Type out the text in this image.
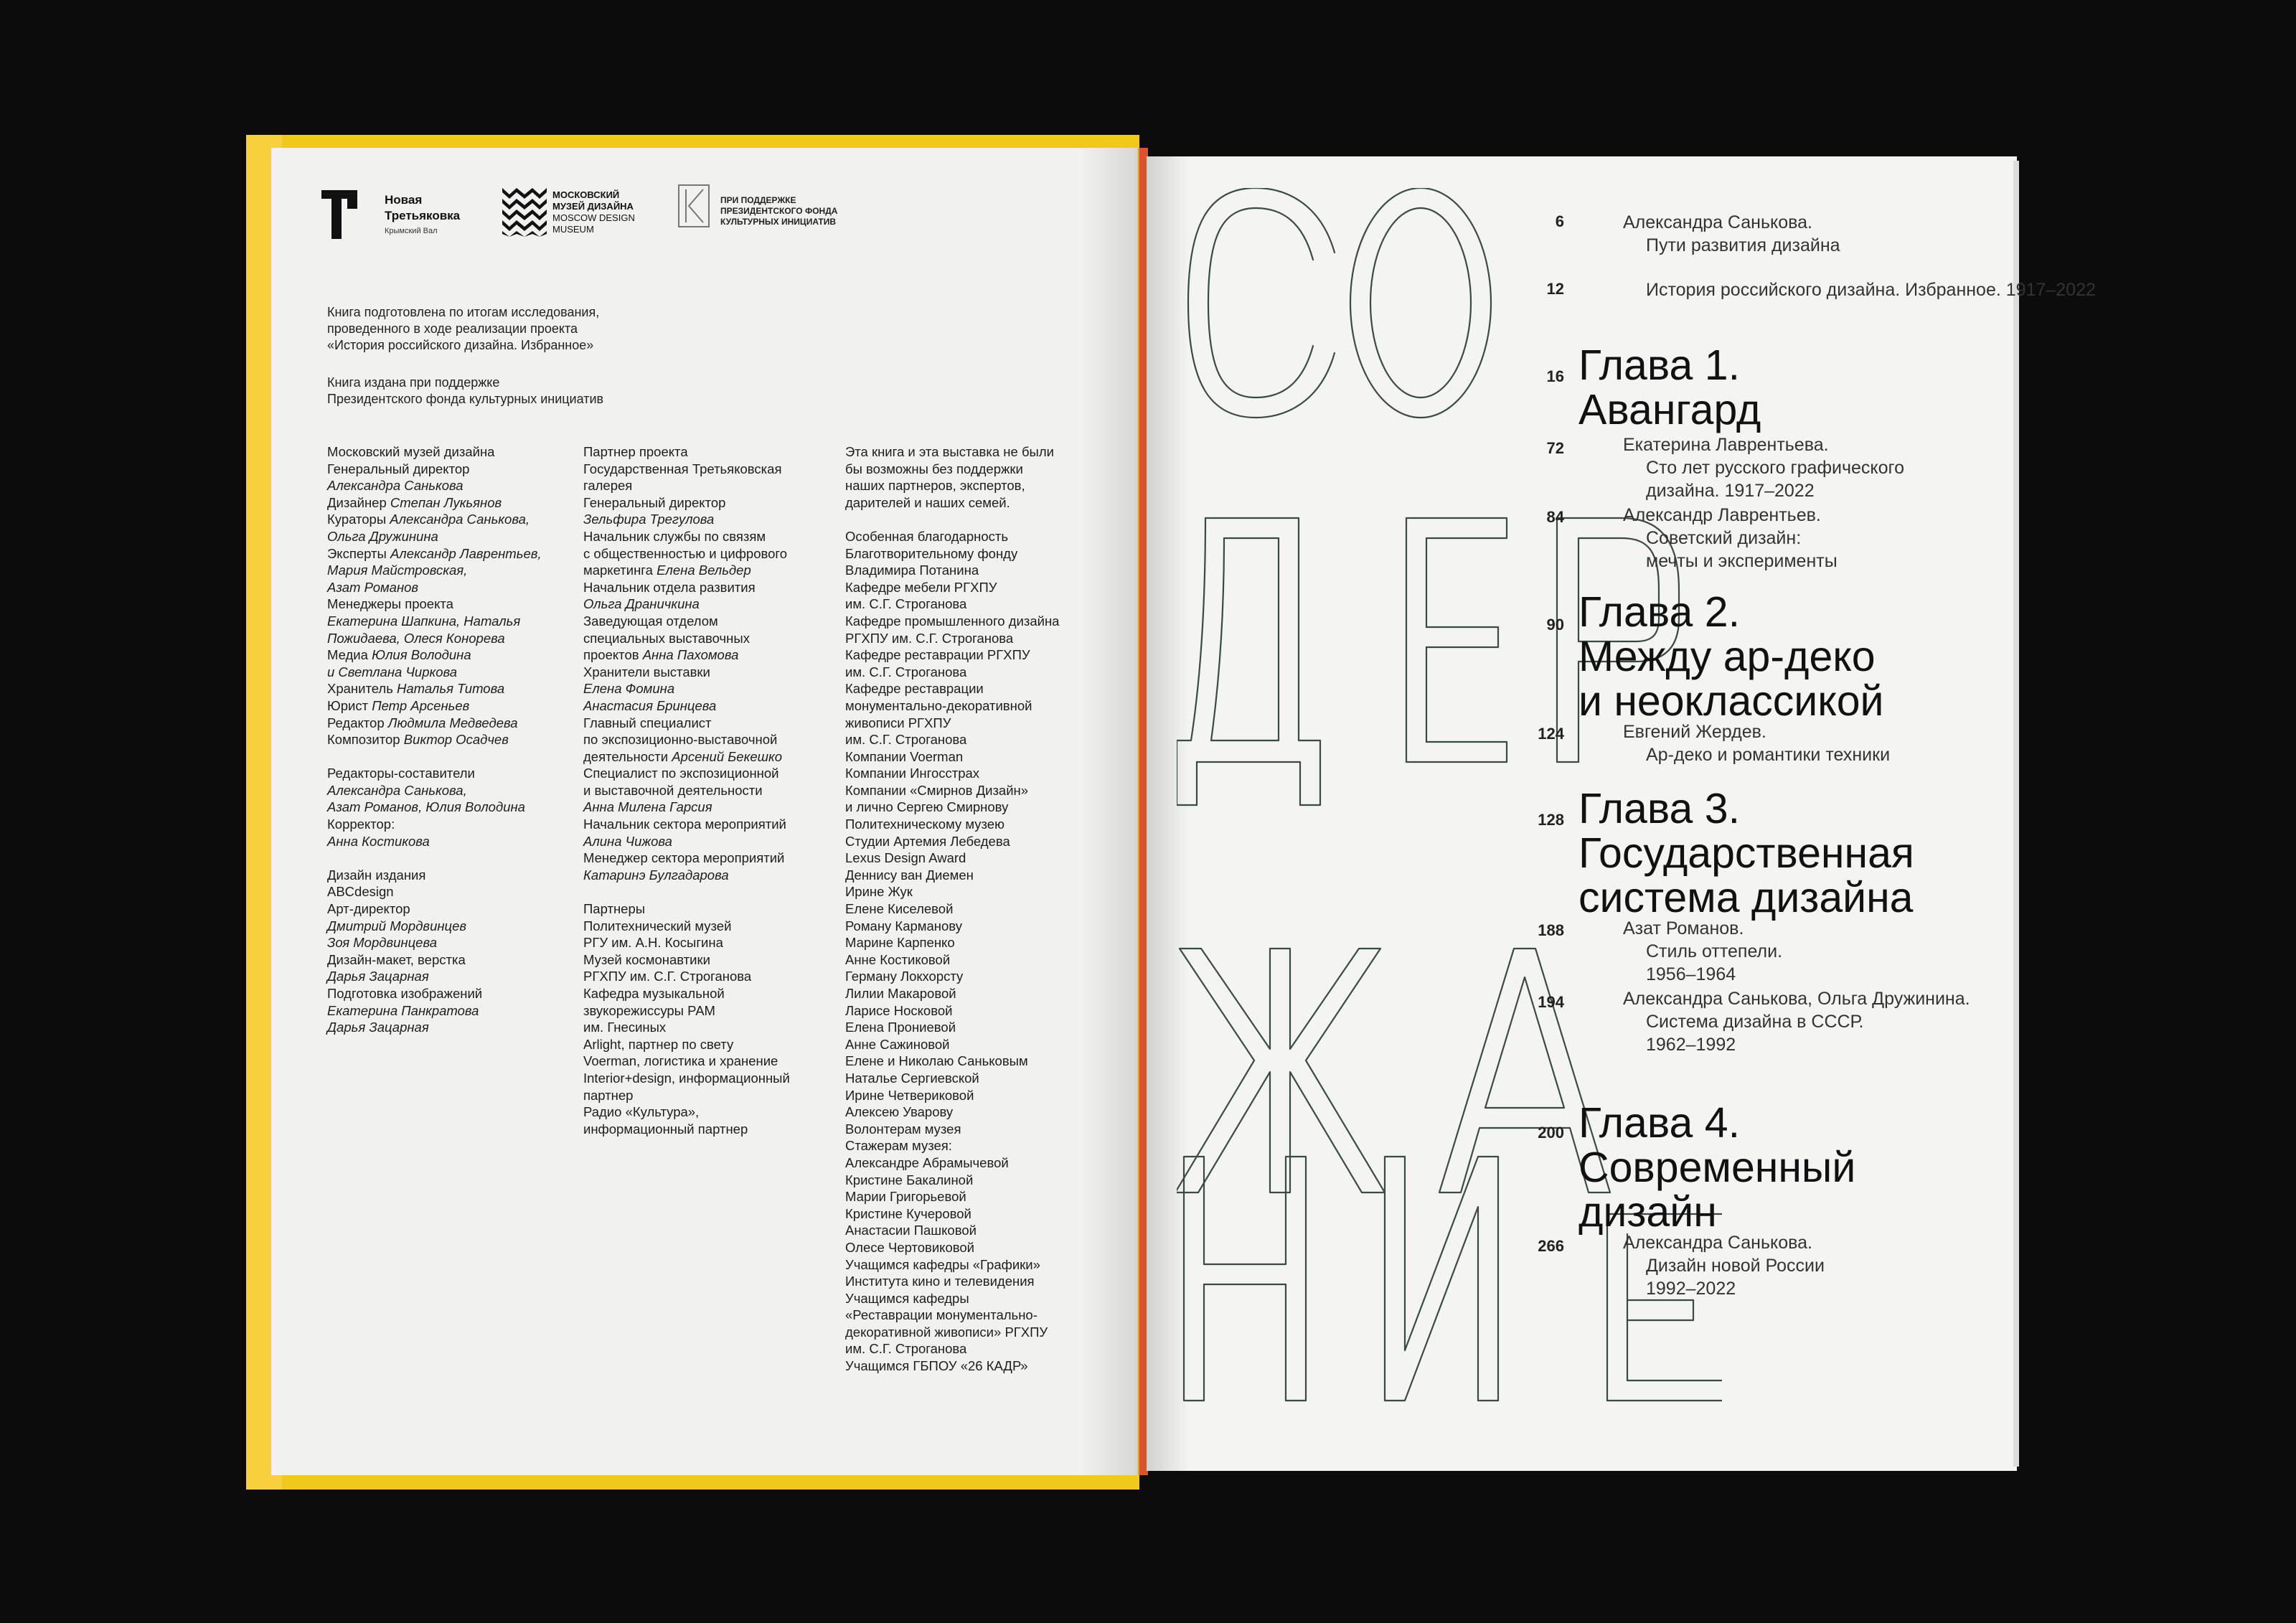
Новая
Третьяковка
Крымский Вал
МОСКОВСКИЙ
МУЗЕЙ ДИЗАЙНА
MOSCOW DESIGN
MUSEUM
ПРИ ПОДДЕРЖКЕ
ПРЕЗИДЕНТСКОГО ФОНДА
КУЛЬТУРНЫХ ИНИЦИАТИВ
Книга подготовлена по итогам исследования,
проведенного в ходе реализации проекта
«История российского дизайна. Избранное»
Книга издана при поддержке
Президентского фонда культурных инициатив
Московский музей дизайна
Генеральный директор
Александра Санькова
Дизайнер Степан Лукьянов
Кураторы Александра Санькова,
Ольга Дружинина
Эксперты Александр Лаврентьев,
Мария Майстровская,
Азат Романов
Менеджеры проекта
Екатерина Шапкина, Наталья
Пожидаева, Олеся Конорева
Медиа Юлия Володина
и Светлана Чиркова
Хранитель Наталья Титова
Юрист Петр Арсеньев
Редактор Людмила Медведева
Композитор Виктор Осадчев
Редакторы-составители
Александра Санькова,
Азат Романов, Юлия Володина
Корректор:
Анна Костикова
Дизайн издания
ABCdesign
Арт-директор
Дмитрий Мордвинцев
Зоя Мордвинцева
Дизайн-макет, верстка
Дарья Зацарная
Подготовка изображений
Екатерина Панкратова
Дарья Зацарная
Партнер проекта
Государственная Третьяковская
галерея
Генеральный директор
Зельфира Трегулова
Начальник службы по связям
с общественностью и цифрового
маркетинга Елена Вельдер
Начальник отдела развития
Ольга Драничкина
Заведующая отделом
специальных выставочных
проектов Анна Пахомова
Хранители выставки
Елена Фомина
Анастасия Бринцева
Главный специалист
по экспозиционно-выставочной
деятельности Арсений Бекешко
Специалист по экспозиционной
и выставочной деятельности
Анна Милена Гарсия
Начальник сектора мероприятий
Алина Чижова
Менеджер сектора мероприятий
Катаринэ Булгадарова
Партнеры
Политехнический музей
РГУ им. А.Н. Косыгина
Музей космонавтики
РГХПУ им. С.Г. Строганова
Кафедра музыкальной
звукорежиссуры РАМ
им. Гнесиных
Arlight, партнер по свету
Voerman, логистика и хранение
Interior+design, информационный
партнер
Радио «Культура»,
информационный партнер
Эта книга и эта выставка не были
бы возможны без поддержки
наших партнеров, экспертов,
дарителей и наших семей.
Особенная благодарность
Благотворительному фонду
Владимира Потанина
Кафедре мебели РГХПУ
им. С.Г. Строганова
Кафедре промышленного дизайна
РГХПУ им. С.Г. Строганова
Кафедре реставрации РГХПУ
им. С.Г. Строганова
Кафедре реставрации
монументально-декоративной
живописи РГХПУ
им. С.Г. Строганова
Компании Voerman
Компании Ингосстрах
Компании «Смирнов Дизайн»
и лично Сергею Смирнову
Политехническому музею
Студии Артемия Лебедева
Lexus Design Award
Деннису ван Диемен
Ирине Жук
Елене Киселевой
Роману Карманову
Марине Карпенко
Анне Костиковой
Герману Локхорсту
Лилии Макаровой
Ларисе Носковой
Елена Прониевой
Анне Сажиновой
Елене и Николаю Саньковым
Наталье Сергиевской
Ирине Четвериковой
Алексею Уварову
Волонтерам музея
Стажерам музея:
Александре Абрамычевой
Кристине Бакалиной
Марии Григорьевой
Кристине Кучеровой
Анастасии Пашковой
Олесе Чертовиковой
Учащимся кафедры «Графики»
Института кино и телевидения
Учащимся кафедры
«Реставрации монументально-
декоративной живописи» РГХПУ
им. С.Г. Строганова
Учащимся ГБПОУ «26 КАДР»
6	Александра Санькова.
Пути развития дизайна
12	История российского дизайна. Избранное. 1917–2022
16 Глава 1.
Авангард
72	Екатерина Лаврентьева.
Сто лет русского графического
дизайна. 1917–2022
84	Александр Лаврентьев.
Советский дизайн:
мечты и эксперименты
90 Глава 2.
Между ар-деко
и неоклассикой
124	Евгений Жердев.
Ар-деко и романтики техники
128 Глава 3.
Государственная
система дизайна
188	Азат Романов.
Стиль оттепели.
1956–1964
194	Александра Санькова, Ольга Дружинина.
Система дизайна в СССР.
1962–1992
200 Глава 4.
Современный
дизайн
266	Александра Санькова.
Дизайн новой России
1992–2022
